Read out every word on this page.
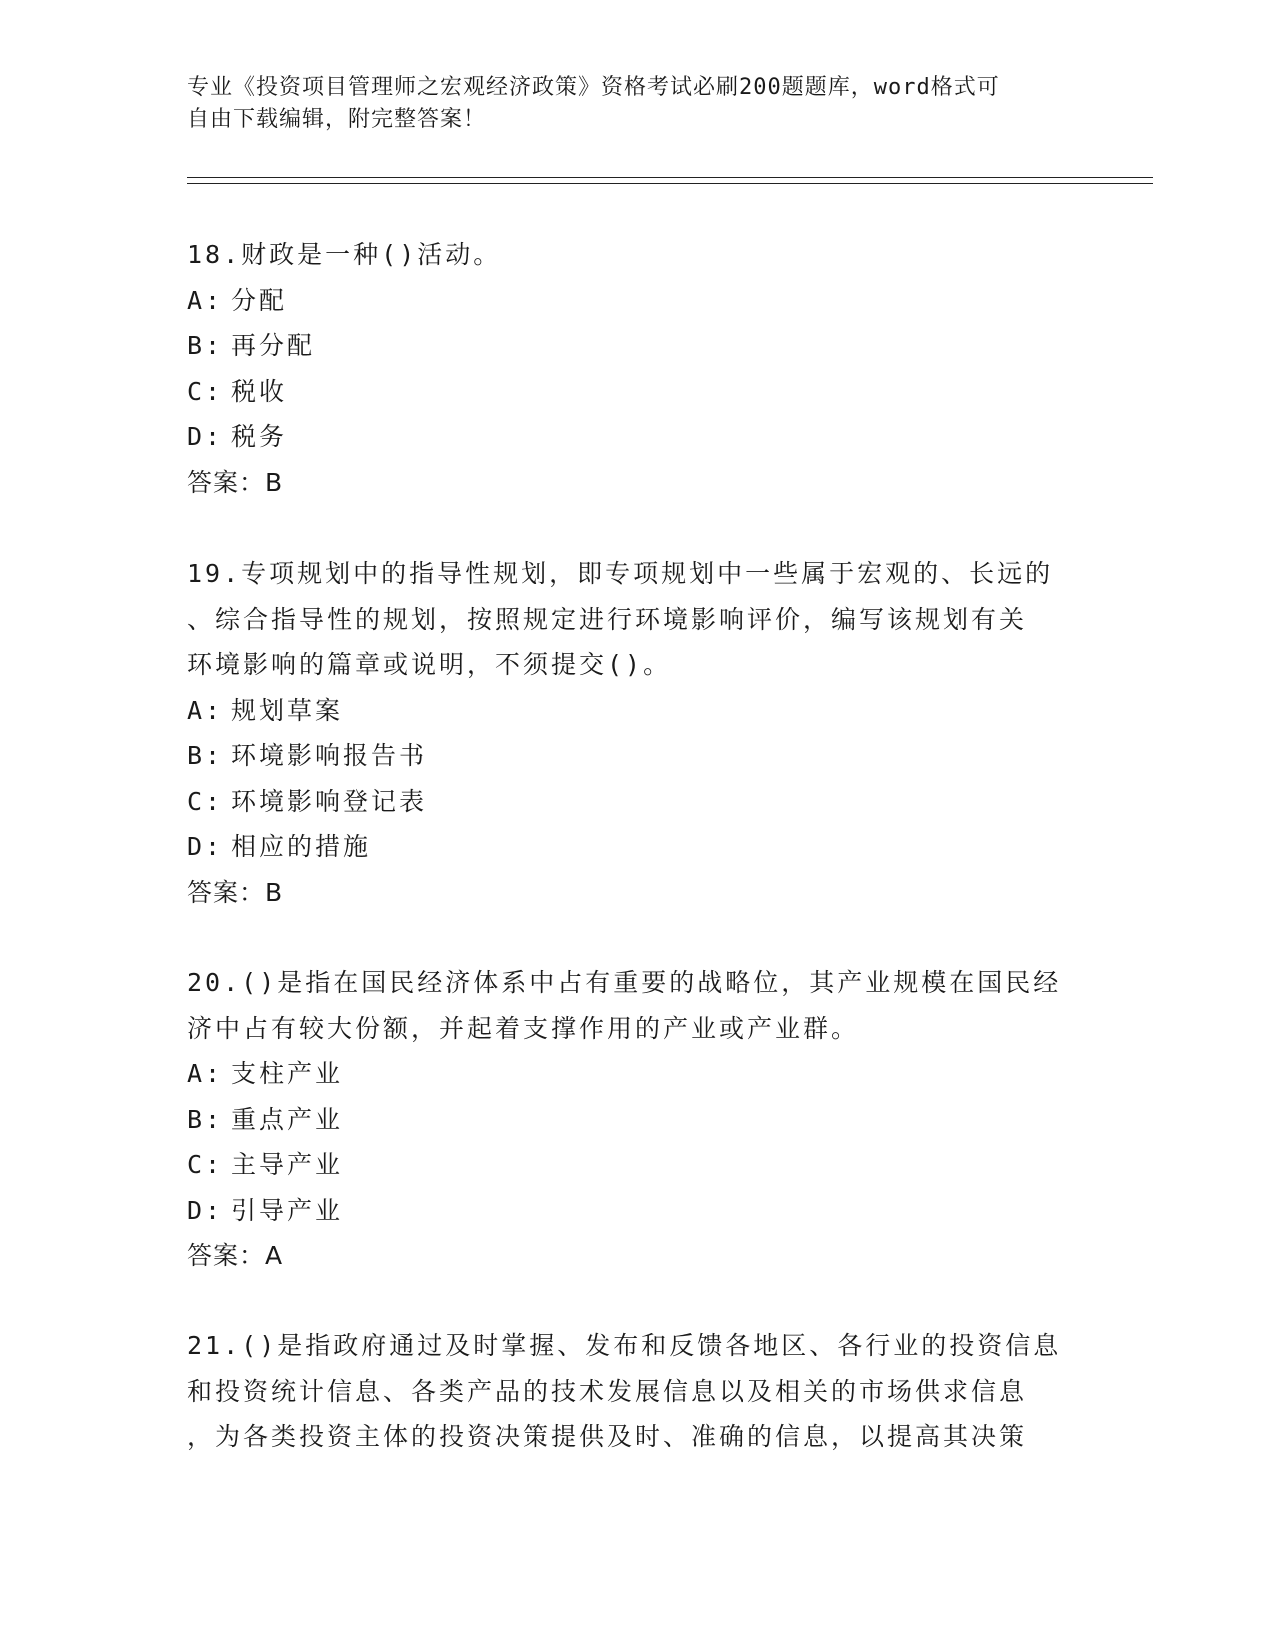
专业《投资项目管理师之宏观经济政策》资格考试必刷200题题库，word格式可
自由下载编辑，附完整答案！
18.财政是一种()活动。
A: 分配
B: 再分配
C: 税收
D: 税务
答案：B
19.专项规划中的指导性规划，即专项规划中一些属于宏观的、长远的
、综合指导性的规划，按照规定进行环境影响评价，编写该规划有关
环境影响的篇章或说明，不须提交()。
A: 规划草案
B: 环境影响报告书
C: 环境影响登记表
D: 相应的措施
答案：B
20.()是指在国民经济体系中占有重要的战略位，其产业规模在国民经
济中占有较大份额，并起着支撑作用的产业或产业群。
A: 支柱产业
B: 重点产业
C: 主导产业
D: 引导产业
答案：A
21.()是指政府通过及时掌握、发布和反馈各地区、各行业的投资信息
和投资统计信息、各类产品的技术发展信息以及相关的市场供求信息
，为各类投资主体的投资决策提供及时、准确的信息，以提高其决策
